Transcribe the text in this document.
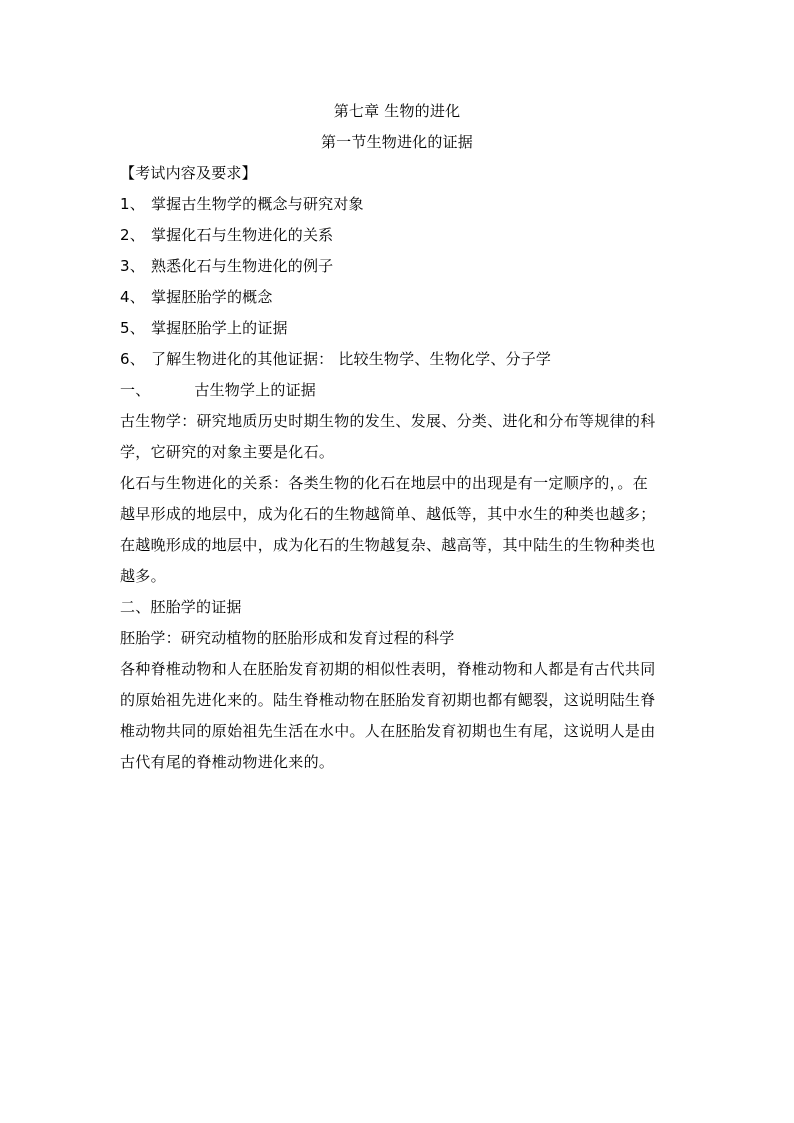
第七章 生物的进化
第一节生物进化的证据
【考试内容及要求】
1、 掌握古生物学的概念与研究对象
2、 掌握化石与生物进化的关系
3、 熟悉化石与生物进化的例子
4、 掌握胚胎学的概念
5、 掌握胚胎学上的证据
6、 了解生物进化的其他证据： 比较生物学、生物化学、分子学
一、	古生物学上的证据
古生物学：研究地质历史时期生物的发生、发展、分类、进化和分布等规律的科
学，它研究的对象主要是化石。
化石与生物进化的关系：各类生物的化石在地层中的出现是有一定顺序的，。在
越早形成的地层中，成为化石的生物越简单、越低等，其中水生的种类也越多；
在越晚形成的地层中，成为化石的生物越复杂、越高等，其中陆生的生物种类也
越多。
二、胚胎学的证据
胚胎学：研究动植物的胚胎形成和发育过程的科学
各种脊椎动物和人在胚胎发育初期的相似性表明，脊椎动物和人都是有古代共同
的原始祖先进化来的。陆生脊椎动物在胚胎发育初期也都有鳃裂，这说明陆生脊
椎动物共同的原始祖先生活在水中。人在胚胎发育初期也生有尾，这说明人是由
古代有尾的脊椎动物进化来的。
